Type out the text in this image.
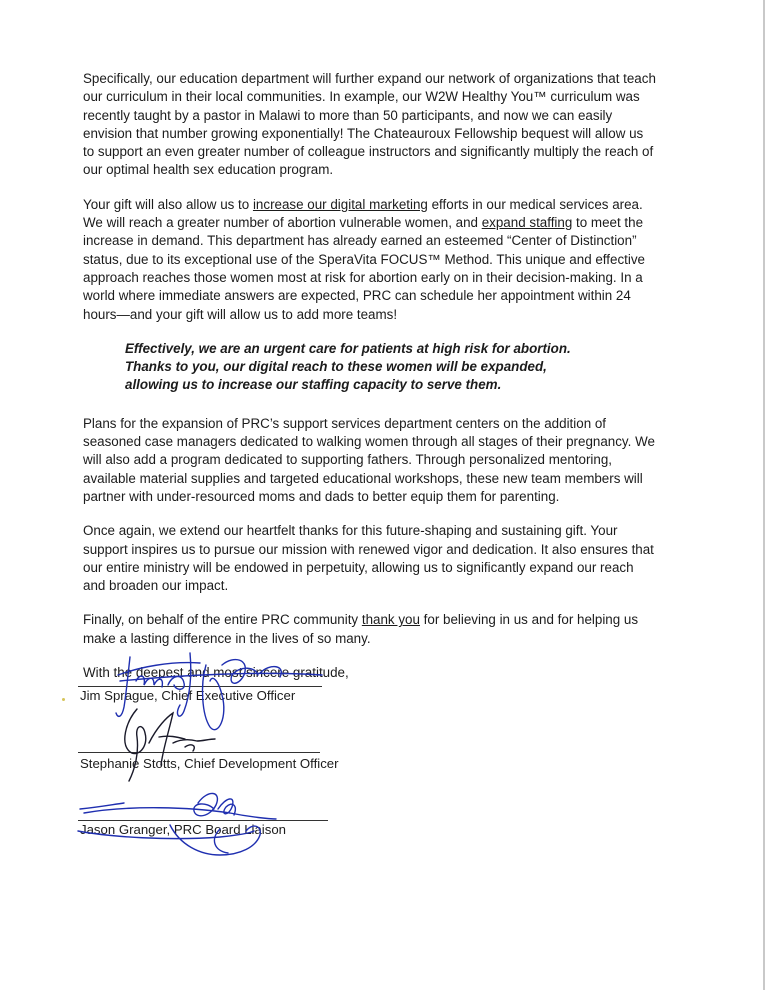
Specifically, our education department will further expand our network of organizations that teach our curriculum in their local communities. In example, our W2W Healthy You™ curriculum was recently taught by a pastor in Malawi to more than 50 participants, and now we can easily envision that number growing exponentially! The Chateauroux Fellowship bequest will allow us to support an even greater number of colleague instructors and significantly multiply the reach of our optimal health sex education program.

Your gift will also allow us to increase our digital marketing efforts in our medical services area. We will reach a greater number of abortion vulnerable women, and expand staffing to meet the increase in demand. This department has already earned an esteemed “Center of Distinction” status, due to its exceptional use of the SperaVita FOCUS™ Method. This unique and effective approach reaches those women most at risk for abortion early on in their decision-making. In a world where immediate answers are expected, PRC can schedule her appointment within 24 hours—and your gift will allow us to add more teams!

Effectively, we are an urgent care for patients at high risk for abortion. Thanks to you, our digital reach to these women will be expanded, allowing us to increase our staffing capacity to serve them.

Plans for the expansion of PRC’s support services department centers on the addition of seasoned case managers dedicated to walking women through all stages of their pregnancy. We will also add a program dedicated to supporting fathers. Through personalized mentoring, available material supplies and targeted educational workshops, these new team members will partner with under-resourced moms and dads to better equip them for parenting.

Once again, we extend our heartfelt thanks for this future-shaping and sustaining gift. Your support inspires us to pursue our mission with renewed vigor and dedication. It also ensures that our entire ministry will be endowed in perpetuity, allowing us to significantly expand our reach and broaden our impact.

Finally, on behalf of the entire PRC community thank you for believing in us and for helping us make a lasting difference in the lives of so many.

With the deepest and most sincere gratitude,

Jim Sprague, Chief Executive Officer
Stephanie Stotts, Chief Development Officer
Jason Granger, PRC Board Liaison
